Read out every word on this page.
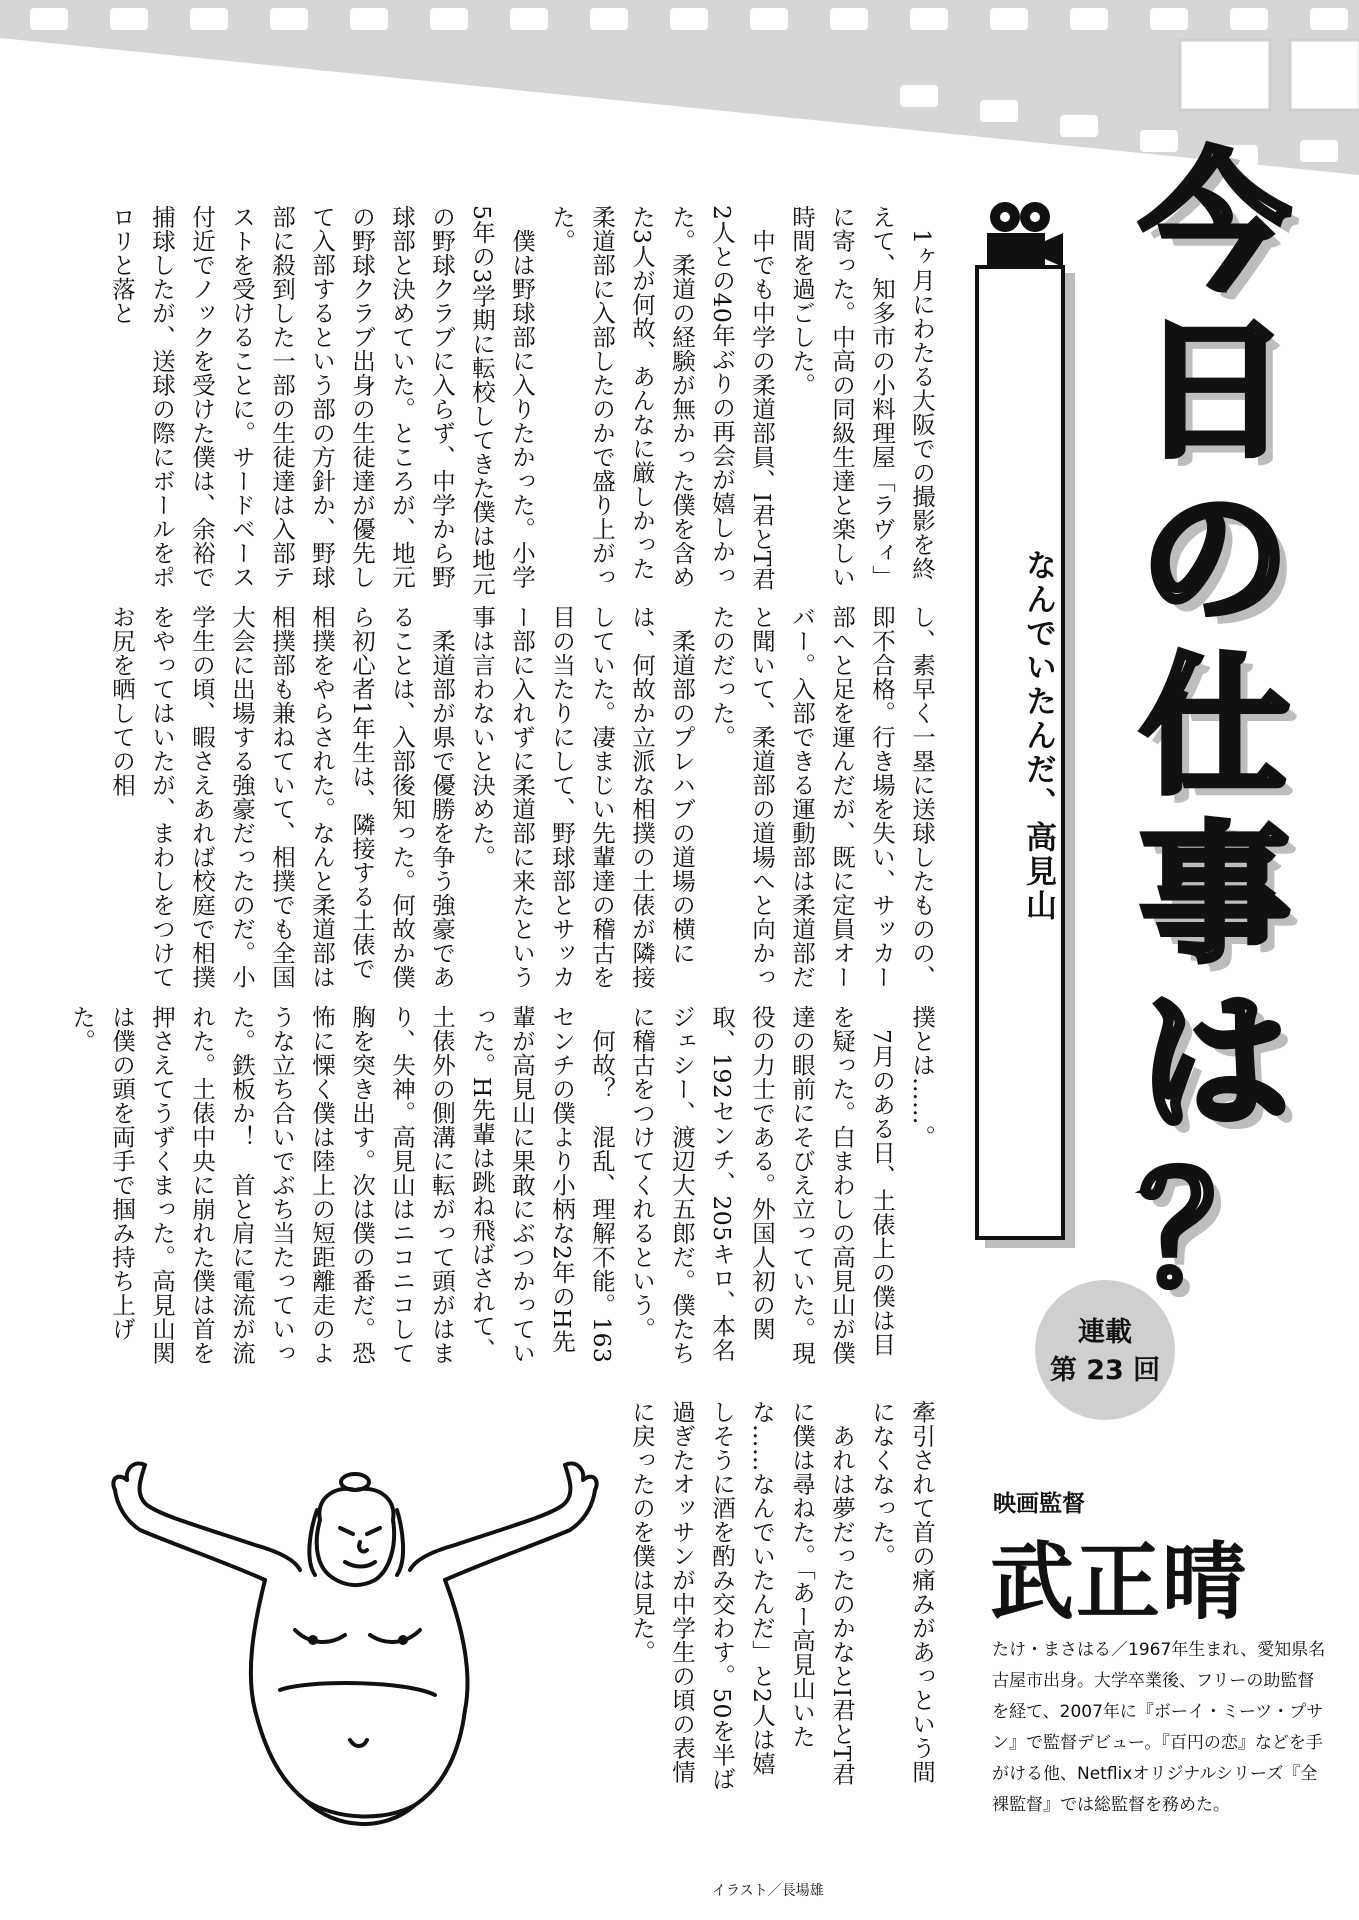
今
日
の
仕
事
は
？
なんでいたんだ、高見山
連載
第 23 回
映画監督
武正晴
たけ・まさはる／1967年生まれ、愛知県名古屋市出身。大学卒業後、フリーの助監督を経て、2007年に『ボーイ・ミーツ・プサン』で監督デビュー。『百円の恋』などを手がける他、Netflixオリジナルシリーズ『全裸監督』では総監督を務めた。

1ヶ月にわたる大阪での撮影を終えて、知多市の小料理屋「ラヴィ」に寄った。中高の同級生達と楽しい時間を過ごした。

中でも中学の柔道部員、I君とT君2人との40年ぶりの再会が嬉しかった。柔道の経験が無かった僕を含めた3人が何故、あんなに厳しかった柔道部に入部したのかで盛り上がった。

僕は野球部に入りたかった。小学5年の3学期に転校してきた僕は地元の野球クラブに入らず、中学から野球部と決めていた。ところが、地元の野球クラブ出身の生徒達が優先して入部するという部の方針か、野球部に殺到した一部の生徒達は入部テストを受けることに。サードベース付近でノックを受けた僕は、余裕で捕球したが、送球の際にボールをポロリと落と

し、素早く一塁に送球したものの、即不合格。行き場を失い、サッカー部へと足を運んだが、既に定員オーバー。入部できる運動部は柔道部だと聞いて、柔道部の道場へと向かったのだった。

柔道部のプレハブの道場の横には、何故か立派な相撲の土俵が隣接していた。凄まじい先輩達の稽古を目の当たりにして、野球部とサッカー部に入れずに柔道部に来たという事は言わないと決めた。

柔道部が県で優勝を争う強豪であることは、入部後知った。何故か僕ら初心者1年生は、隣接する土俵で相撲をやらされた。なんと柔道部は相撲部も兼ねていて、相撲でも全国大会に出場する強豪だったのだ。小学生の頃、暇さえあれば校庭で相撲をやってはいたが、まわしをつけてお尻を晒しての相

撲とは……。

7月のある日、土俵上の僕は目を疑った。白まわしの高見山が僕達の眼前にそびえ立っていた。現役の力士である。外国人初の関取、192センチ、205キロ、本名ジェシー、渡辺大五郎だ。僕たちに稽古をつけてくれるという。

何故？　混乱、理解不能。163センチの僕より小柄な2年のH先輩が高見山に果敢にぶつかっていった。H先輩は跳ね飛ばされて、土俵外の側溝に転がって頭がはまり、失神。高見山はニコニコして胸を突き出す。次は僕の番だ。恐怖に慄く僕は陸上の短距離走のような立ち合いでぶち当たっていった。鉄板か！　首と肩に電流が流れた。土俵中央に崩れた僕は首を押さえてうずくまった。高見山関は僕の頭を両手で掴み持ち上げた。

牽引されて首の痛みがあっという間になくなった。

あれは夢だったのかなとI君とT君に僕は尋ねた。「あー高見山いたな……なんでいたんだ」と2人は嬉しそうに酒を酌み交わす。50を半ば過ぎたオッサンが中学生の頃の表情に戻ったのを僕は見た。

イラスト／長場雄
